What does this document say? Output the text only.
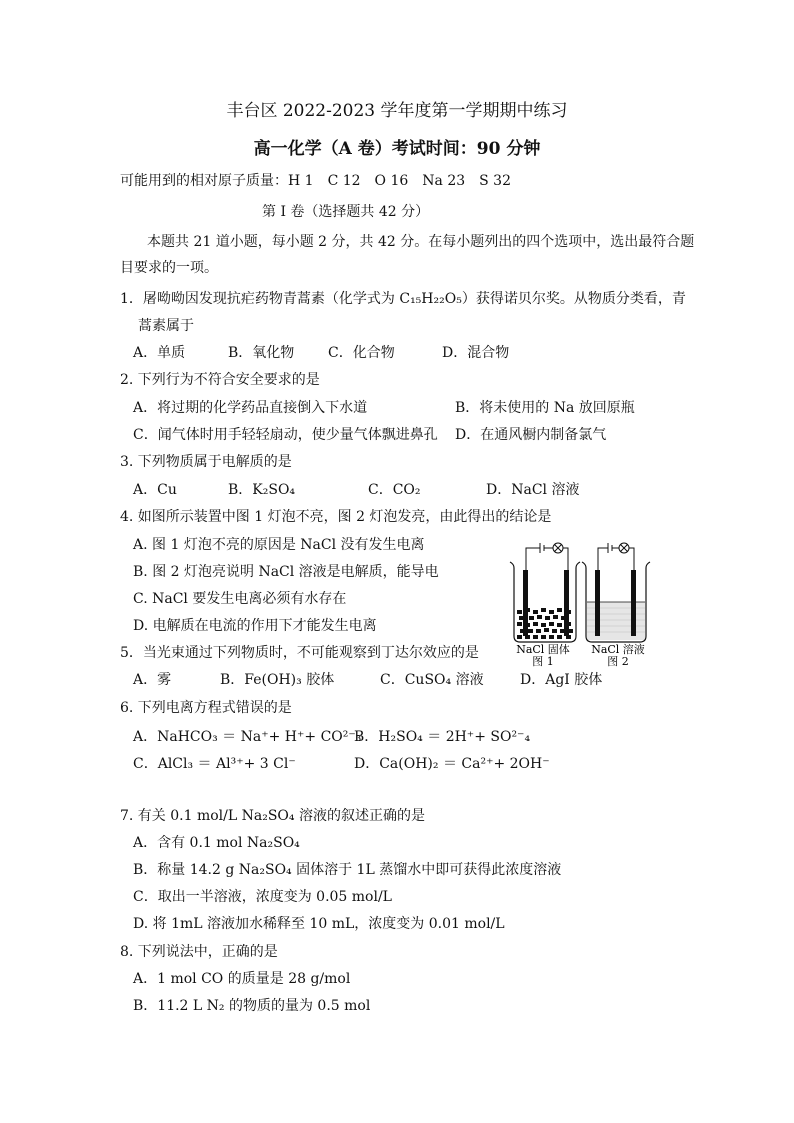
丰台区 2022-2023 学年度第一学期期中练习
高一化学（A 卷）考试时间：90 分钟
可能用到的相对原子质量：H 1　C 12　O 16　Na 23　S 32
第 I 卷（选择题共 42 分）
本题共 21 道小题，每小题 2 分，共 42 分。在每小题列出的四个选项中，选出最符合题
目要求的一项。
1．屠呦呦因发现抗疟药物青蒿素（化学式为 C₁₅H₂₂O₅）获得诺贝尔奖。从物质分类看，青
蒿素属于
A．单质	B．氧化物 C．化合物	D．混合物
2. 下列行为不符合安全要求的是
A．将过期的化学药品直接倒入下水道	B．将未使用的 Na 放回原瓶
C．闻气体时用手轻轻扇动，使少量气体飘进鼻孔 D．在通风橱内制备氯气
3. 下列物质属于电解质的是
A．Cu	B．K₂SO₄	C．CO₂	D．NaCl 溶液
4. 如图所示装置中图 1 灯泡不亮，图 2 灯泡发亮，由此得出的结论是
A. 图 1 灯泡不亮的原因是 NaCl 没有发生电离
B. 图 2 灯泡亮说明 NaCl 溶液是电解质，能导电
C. NaCl 要发生电离必须有水存在
D. 电解质在电流的作用下才能发生电离
NaCl 固体
图 1
NaCl 溶液
图 2
5．当光束通过下列物质时，不可能观察到丁达尔效应的是
A．雾	B．Fe(OH)₃ 胶体	C．CuSO₄ 溶液	D．AgI 胶体
6. 下列电离方程式错误的是
A．NaHCO₃ ＝ Na⁺+ H⁺+ CO²⁻₃
B．H₂SO₄ ＝ 2H⁺+ SO²⁻₄
C．AlCl₃ ＝ Al³⁺+ 3 Cl⁻	D．Ca(OH)₂ ＝ Ca²⁺+ 2OH⁻
7. 有关 0.1 mol/L Na₂SO₄ 溶液的叙述正确的是
A．含有 0.1 mol Na₂SO₄
B．称量 14.2 g Na₂SO₄ 固体溶于 1L 蒸馏水中即可获得此浓度溶液
C．取出一半溶液，浓度变为 0.05 mol/L
D. 将 1mL 溶液加水稀释至 10 mL，浓度变为 0.01 mol/L
8. 下列说法中，正确的是
A．1 mol CO 的质量是 28 g/mol
B．11.2 L N₂ 的物质的量为 0.5 mol
